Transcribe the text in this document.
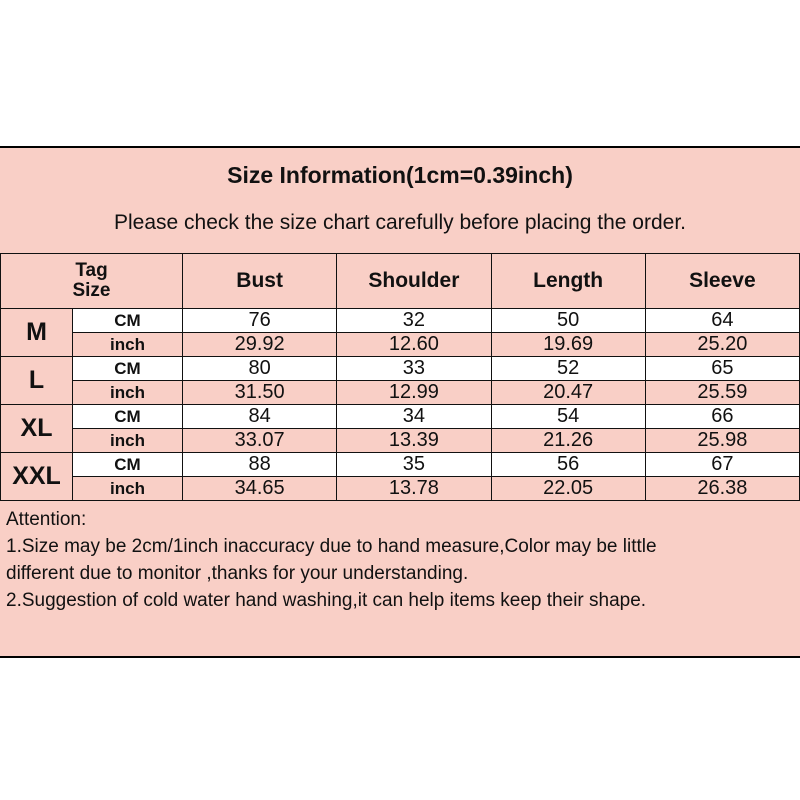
Size Information(1cm=0.39inch)
Please check the size chart carefully before placing the order.
Tag
Size		Bust	Shoulder	Length	Sleeve
M	CM	76	32	50	64
	inch	29.92	12.60	19.69	25.20
L	CM	80	33	52	65
	inch	31.50	12.99	20.47	25.59
XL	CM	84	34	54	66
	inch	33.07	13.39	21.26	25.98
XXL	CM	88	35	56	67
	inch	34.65	13.78	22.05	26.38
Attention:
1.Size may be 2cm/1inch inaccuracy due to hand measure,Color may be little
different due to monitor ,thanks for your understanding.
2.Suggestion of cold water hand washing,it can help items keep their shape.
